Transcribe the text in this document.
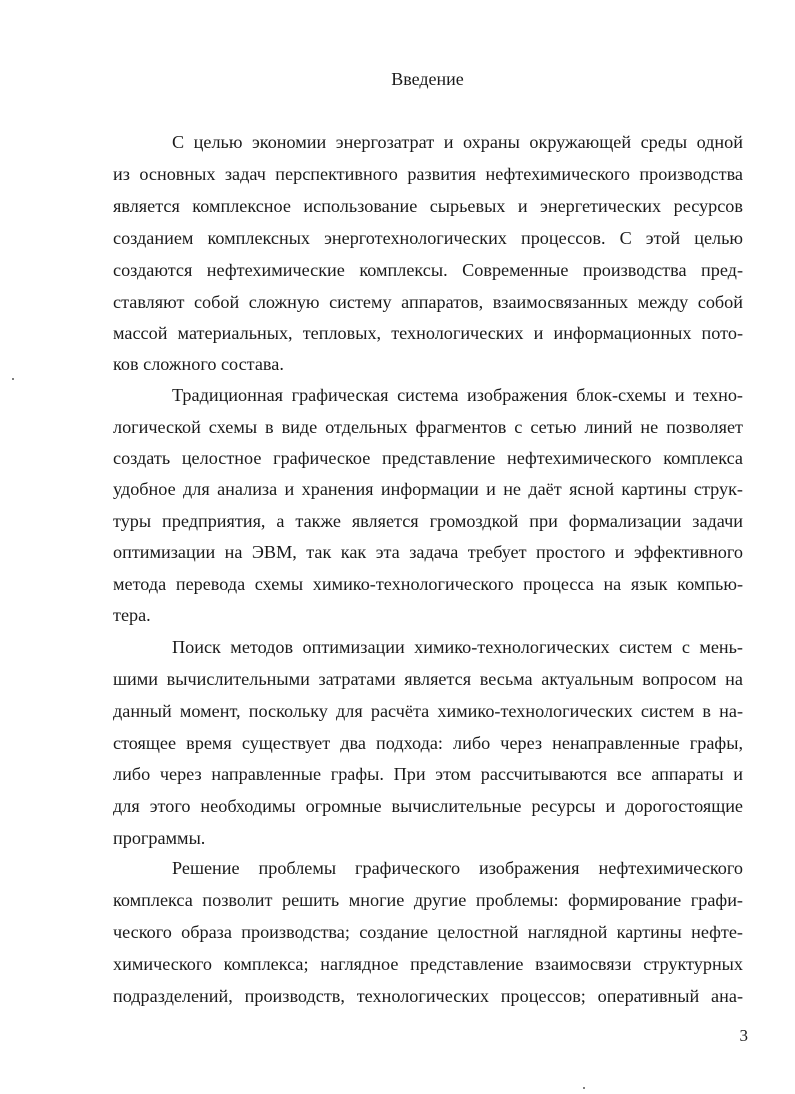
Введение
С целью экономии энергозатрат и охраны окружающей среды одной
из основных задач перспективного развития нефтехимического производства
является комплексное использование сырьевых и энергетических ресурсов
созданием комплексных энерготехнологических процессов. С этой целью
создаются нефтехимические комплексы. Современные производства пред-
ставляют собой сложную систему аппаратов, взаимосвязанных между собой
массой материальных, тепловых, технологических и информационных пото-
ков сложного состава.
Традиционная графическая система изображения блок-схемы и техно-
логической схемы в виде отдельных фрагментов с сетью линий не позволяет
создать целостное графическое представление нефтехимического комплекса
удобное для анализа и хранения информации и не даёт ясной картины струк-
туры предприятия, а также является громоздкой при формализации задачи
оптимизации на ЭВМ, так как эта задача требует простого и эффективного
метода перевода схемы химико-технологического процесса на язык компью-
тера.
Поиск методов оптимизации химико-технологических систем с мень-
шими вычислительными затратами является весьма актуальным вопросом на
данный момент, поскольку для расчёта химико-технологических систем в на-
стоящее время существует два подхода: либо через ненаправленные графы,
либо через направленные графы. При этом рассчитываются все аппараты и
для этого необходимы огромные вычислительные ресурсы и дорогостоящие
программы.
Решение проблемы графического изображения нефтехимического
комплекса позволит решить многие другие проблемы: формирование графи-
ческого образа производства; создание целостной наглядной картины нефте-
химического комплекса; наглядное представление взаимосвязи структурных
подразделений, производств, технологических процессов; оперативный ана-
3
